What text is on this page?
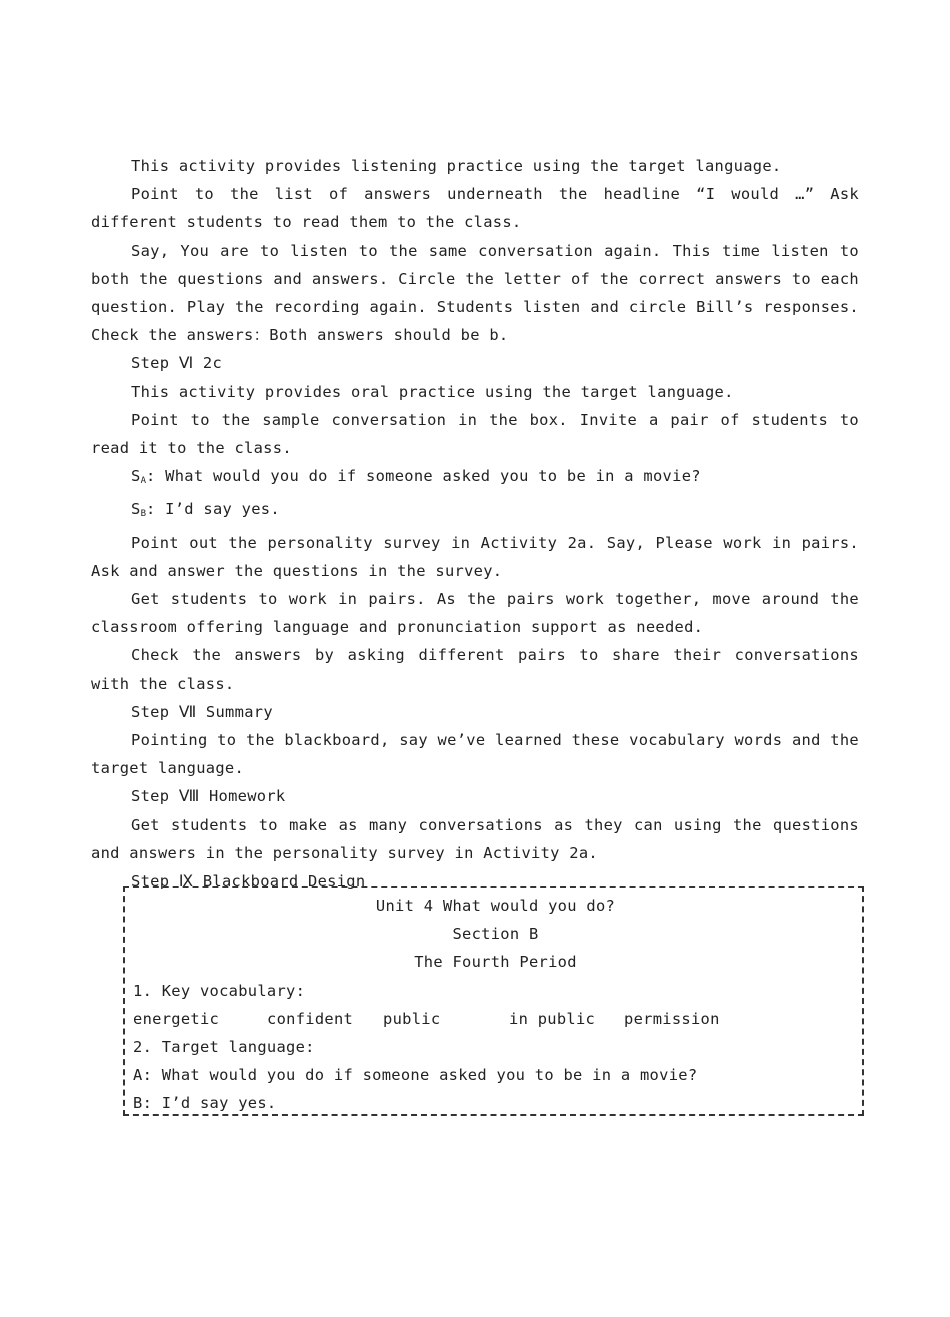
This activity provides listening practice using the target language.

Point to the list of answers underneath the headline “I would …” Ask different students to read them to the class.

Say, You are to listen to the same conversation again. This time listen to both the questions and answers. Circle the letter of the correct answers to each question. Play the recording again. Students listen and circle Bill’s responses. Check the answers：Both answers should be b.

Step Ⅵ 2c

This activity provides oral practice using the target language.

Point to the sample conversation in the box. Invite a pair of students to read it to the class.

$S_A$: What would you do if someone asked you to be in a movie?

$S_B$: I’d say yes.

Point out the personality survey in Activity 2a. Say, Please work in pairs. Ask and answer the questions in the survey.

Get students to work in pairs. As the pairs work together, move around the classroom offering language and pronunciation support as needed.

Check the answers by asking different pairs to share their conversations with the class.

Step Ⅶ Summary

Pointing to the blackboard, say we’ve learned these vocabulary words and the target language.

Step Ⅷ Homework

Get students to make as many conversations as they can using the questions and answers in the personality survey in Activity 2a.

Step Ⅸ Blackboard Design

Unit 4 What would you do?

Section B

The Fourth Period

1. Key vocabulary:

energetic	confident public	in public permission

2. Target language:

A: What would you do if someone asked you to be in a movie?

B: I’d say yes.
